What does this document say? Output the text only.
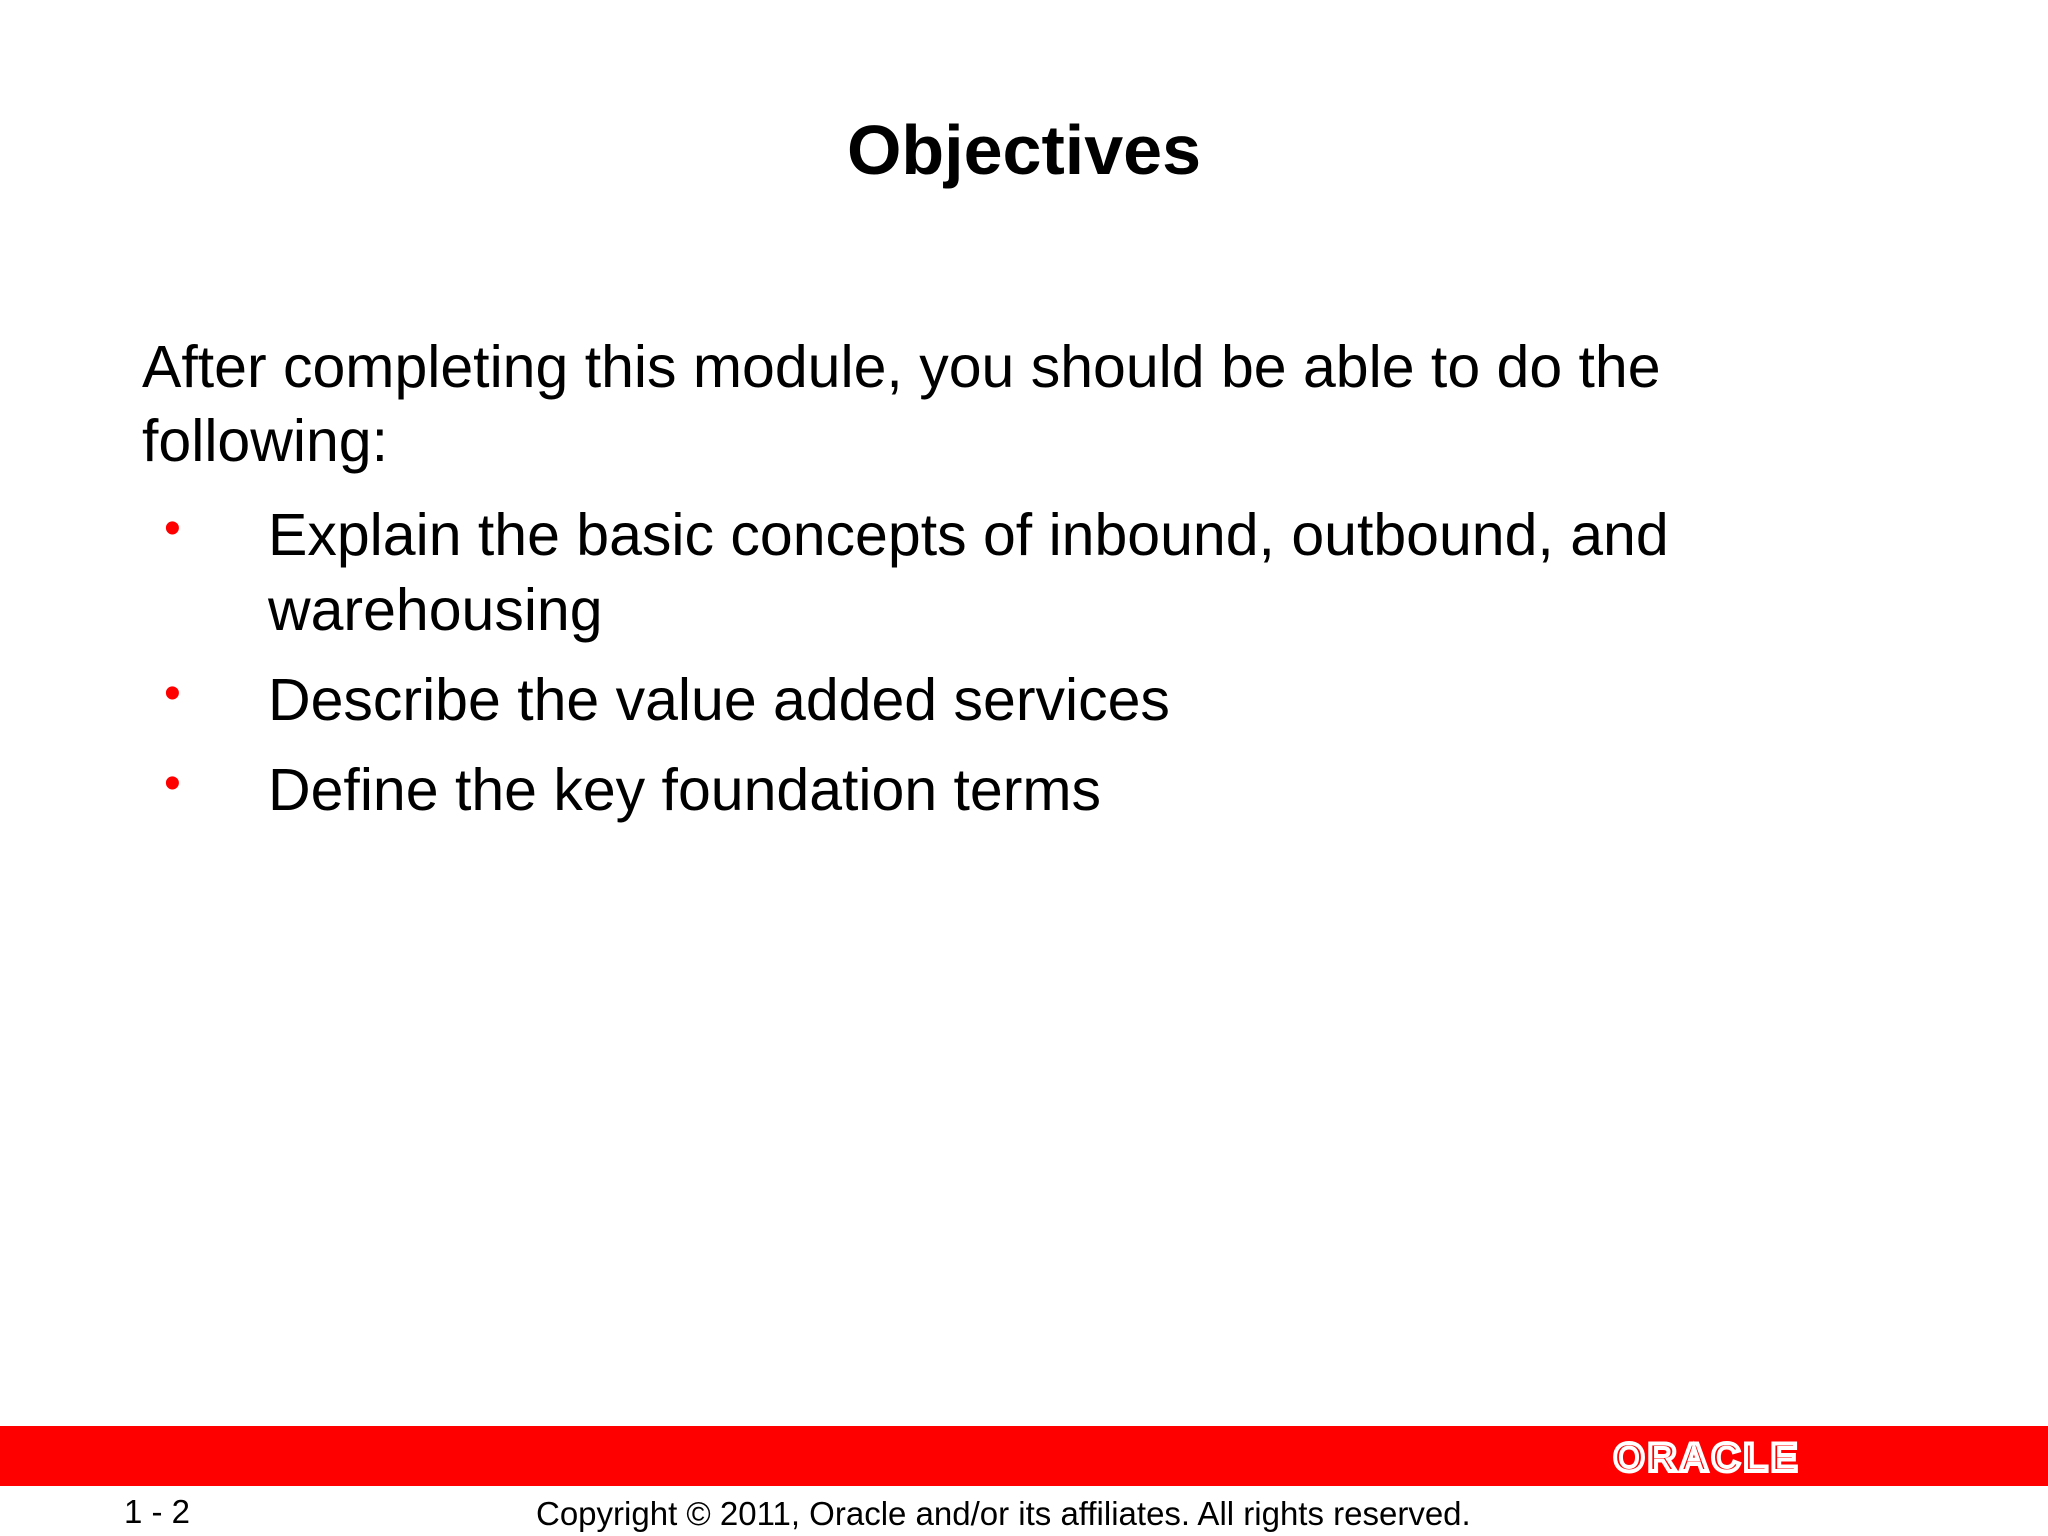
Objectives

After completing this module, you should be able to do the following:

• Explain the basic concepts of inbound, outbound, and warehousing
• Describe the value added services
• Define the key foundation terms
ORACLE
1 - 2	Copyright © 2011, Oracle and/or its affiliates. All rights reserved.
